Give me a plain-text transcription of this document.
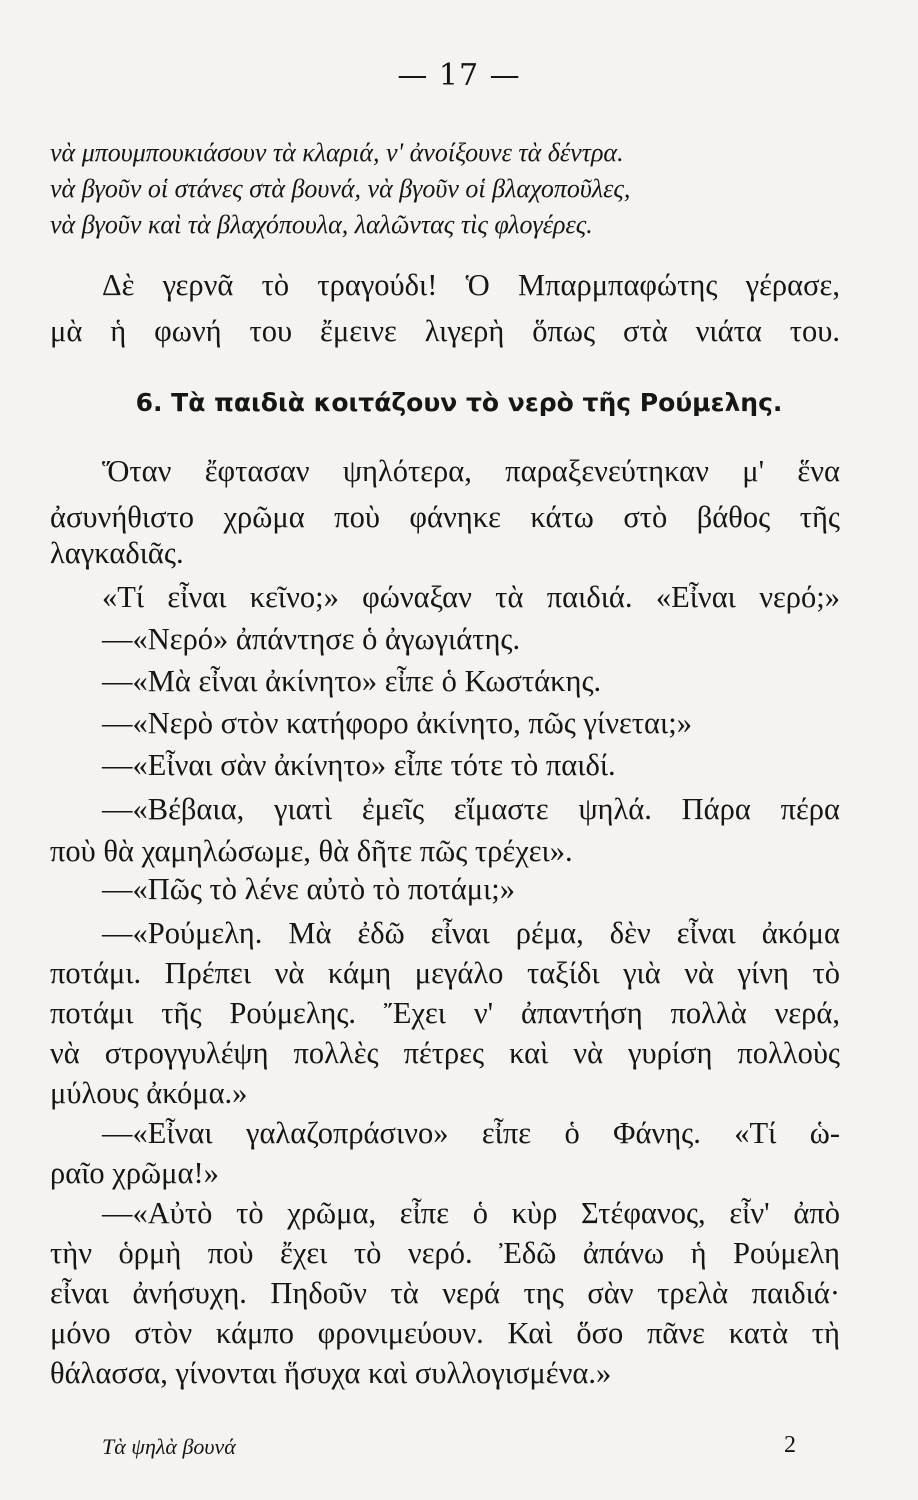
— 17 —
νὰ μπουμπουκιάσουν τὰ κλαριά, ν' ἀνοίξουνε τὰ δέντρα.
νὰ βγοῦν οἱ στάνες στὰ βουνά, νὰ βγοῦν οἱ βλαχοποῦλες,
νὰ βγοῦν καὶ τὰ βλαχόπουλα, λαλῶντας τὶς φλογέρες.
Δὲ γερνᾶ τὸ τραγούδι! Ὁ Μπαρμπαφώτης γέρασε,
μὰ ἡ φωνή του ἔμεινε λιγερὴ ὅπως στὰ νιάτα του.
6. Τὰ παιδιὰ κοιτάζουν τὸ νερὸ τῆς Ρούμελης.
Ὅταν ἔφτασαν ψηλότερα, παραξενεύτηκαν μ' ἕνα
ἀσυνήθιστο χρῶμα ποὺ φάνηκε κάτω στὸ βάθος τῆς
λαγκαδιᾶς.
«Τί εἶναι κεῖνο;» φώναξαν τὰ παιδιά. «Εἶναι νερό;»
—«Νερό» ἀπάντησε ὁ ἀγωγιάτης.
—«Μὰ εἶναι ἀκίνητο» εἶπε ὁ Κωστάκης.
—«Νερὸ στὸν κατήφορο ἀκίνητο, πῶς γίνεται;»
—«Εἶναι σὰν ἀκίνητο» εἶπε τότε τὸ παιδί.
—«Βέβαια, γιατὶ ἐμεῖς εἴμαστε ψηλά. Πάρα πέρα
ποὺ θὰ χαμηλώσωμε, θὰ δῆτε πῶς τρέχει».
—«Πῶς τὸ λένε αὐτὸ τὸ ποτάμι;»
—«Ρούμελη. Μὰ ἐδῶ εἶναι ρέμα, δὲν εἶναι ἀκόμα
ποτάμι. Πρέπει νὰ κάμη μεγάλο ταξίδι γιὰ νὰ γίνη τὸ
ποτάμι τῆς Ρούμελης. Ἔχει ν' ἀπαντήση πολλὰ νερά,
νὰ στρογγυλέψη πολλὲς πέτρες καὶ νὰ γυρίση πολλοὺς
μύλους ἀκόμα.»
—«Εἶναι γαλαζοπράσινο» εἶπε ὁ Φάνης. «Τί ὡ-
ραῖο χρῶμα!»
—«Αὐτὸ τὸ χρῶμα, εἶπε ὁ κὺρ Στέφανος, εἶν' ἀπὸ
τὴν ὁρμὴ ποὺ ἔχει τὸ νερό. Ἐδῶ ἀπάνω ἡ Ρούμελη
εἶναι ἀνήσυχη. Πηδοῦν τὰ νερά της σὰν τρελὰ παιδιά·
μόνο στὸν κάμπο φρονιμεύουν. Καὶ ὅσο πᾶνε κατὰ τὴ
θάλασσα, γίνονται ἥσυχα καὶ συλλογισμένα.»
Τὰ ψηλὰ βουνά	2
